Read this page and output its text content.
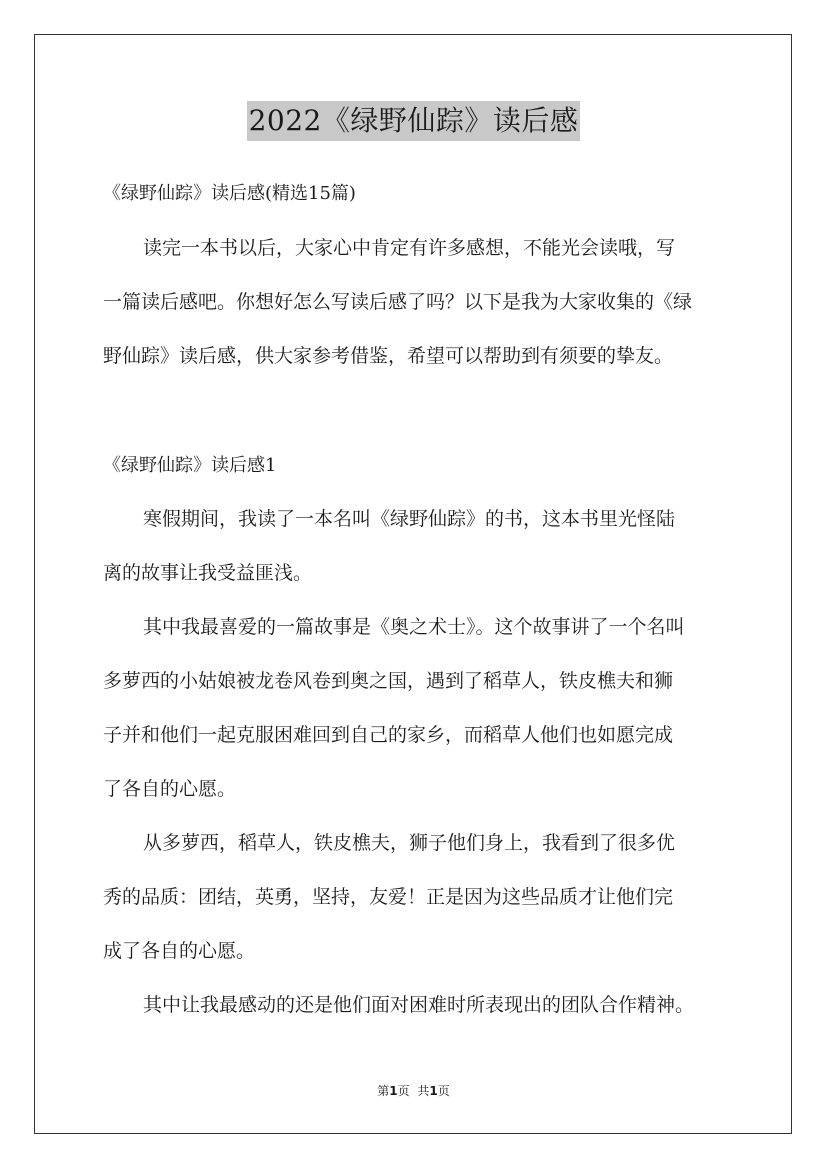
2022《绿野仙踪》读后感
《绿野仙踪》读后感(精选15篇)
读完一本书以后，大家心中肯定有许多感想，不能光会读哦，写
一篇读后感吧。你想好怎么写读后感了吗？以下是我为大家收集的《绿
野仙踪》读后感，供大家参考借鉴，希望可以帮助到有须要的挚友。
《绿野仙踪》读后感1
寒假期间，我读了一本名叫《绿野仙踪》的书，这本书里光怪陆
离的故事让我受益匪浅。
其中我最喜爱的一篇故事是《奥之术士》。这个故事讲了一个名叫
多萝西的小姑娘被龙卷风卷到奥之国，遇到了稻草人，铁皮樵夫和狮
子并和他们一起克服困难回到自己的家乡，而稻草人他们也如愿完成
了各自的心愿。
从多萝西，稻草人，铁皮樵夫，狮子他们身上，我看到了很多优
秀的品质：团结，英勇，坚持，友爱！正是因为这些品质才让他们完
成了各自的心愿。
其中让我最感动的还是他们面对困难时所表现出的团队合作精神。
第1页 共1页
